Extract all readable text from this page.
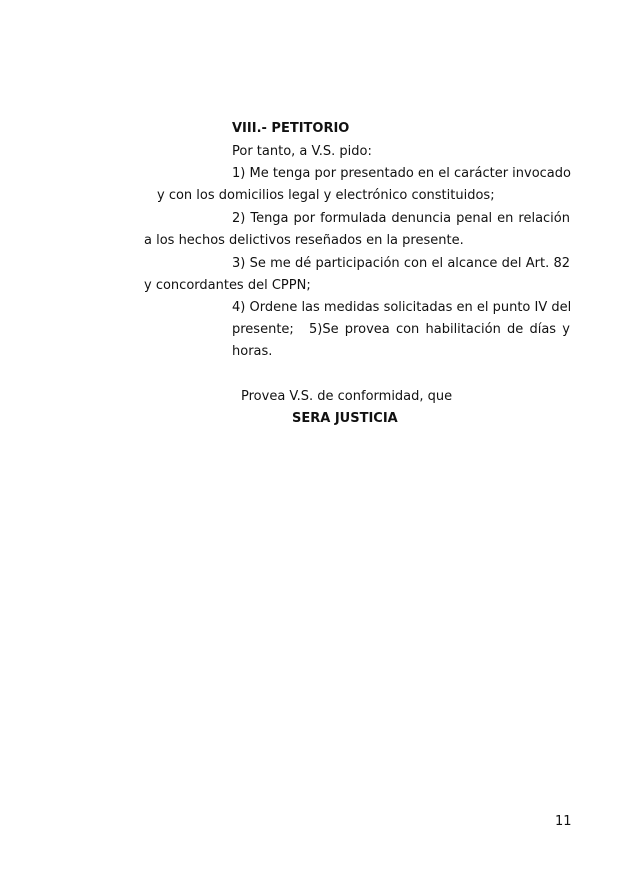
VIII.- PETITORIO
Por tanto, a V.S. pido:
1) Me tenga por presentado en el carácter invocado
y con los domicilios legal y electrónico constituidos;
2) Tenga por formulada denuncia penal en relación
a los hechos delictivos reseñados en la presente.
3) Se me dé participación con el alcance del Art. 82
y concordantes del CPPN;
4) Ordene las medidas solicitadas en el punto IV del
presente; 5)Se provea con habilitación de días y
horas.
Provea V.S. de conformidad, que
SERA JUSTICIA
11
